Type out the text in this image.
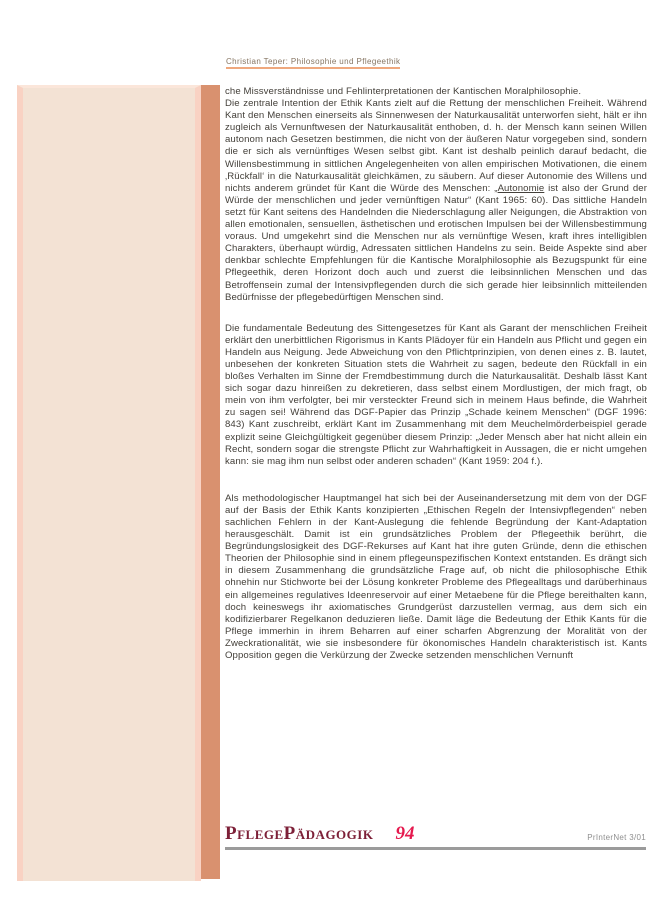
Christian Teper: Philosophie und Pflegeethik

che Missverständnisse und Fehlinterpretationen der Kantischen Moralphilosophie.

Die zentrale Intention der Ethik Kants zielt auf die Rettung der menschlichen Freiheit. Während Kant den Menschen einerseits als Sinnenwesen der Naturkausalität unterworfen sieht, hält er ihn zugleich als Vernunftwesen der Naturkausalität enthoben, d. h. der Mensch kann seinen Willen autonom nach Gesetzen bestimmen, die nicht von der äußeren Natur vorgegeben sind, sondern die er sich als vernünftiges Wesen selbst gibt. Kant ist deshalb peinlich darauf bedacht, die Willensbestimmung in sittlichen Angelegenheiten von allen empirischen Motivationen, die einem ‚Rückfall‘ in die Naturkausalität gleichkämen, zu säubern. Auf dieser Autonomie des Willens und nichts anderem gründet für Kant die Würde des Menschen: „Autonomie ist also der Grund der Würde der menschlichen und jeder vernünftigen Natur“ (Kant 1965: 60). Das sittliche Handeln setzt für Kant seitens des Handelnden die Niederschlagung aller Neigungen, die Abstraktion von allen emotionalen, sensuellen, ästhetischen und erotischen Impulsen bei der Willensbestimmung voraus. Und umgekehrt sind die Menschen nur als vernünftige Wesen, kraft ihres intelligiblen Charakters, überhaupt würdig, Adressaten sittlichen Handelns zu sein. Beide Aspekte sind aber denkbar schlechte Empfehlungen für die Kantische Moralphilosophie als Bezugspunkt für eine Pflegeethik, deren Horizont doch auch und zuerst die leibsinnlichen Menschen und das Betroffensein zumal der Intensivpflegenden durch die sich gerade hier leibsinnlich mitteilenden Bedürfnisse der pflegebedürftigen Menschen sind.

Die fundamentale Bedeutung des Sittengesetzes für Kant als Garant der menschlichen Freiheit erklärt den unerbittlichen Rigorismus in Kants Plädoyer für ein Handeln aus Pflicht und gegen ein Handeln aus Neigung. Jede Abweichung von den Pflichtprinzipien, von denen eines z. B. lautet, unbesehen der konkreten Situation stets die Wahrheit zu sagen, bedeute den Rückfall in ein bloßes Verhalten im Sinne der Fremdbestimmung durch die Naturkausalität. Deshalb lässt Kant sich sogar dazu hinreißen zu dekretieren, dass selbst einem Mordlustigen, der mich fragt, ob mein von ihm verfolgter, bei mir versteckter Freund sich in meinem Haus befinde, die Wahrheit zu sagen sei! Während das DGF-Papier das Prinzip „Schade keinem Menschen“ (DGF 1996: 843) Kant zuschreibt, erklärt Kant im Zusammenhang mit dem Meuchelmörderbeispiel gerade explizit seine Gleichgültigkeit gegenüber diesem Prinzip: „Jeder Mensch aber hat nicht allein ein Recht, sondern sogar die strengste Pflicht zur Wahrhaftigkeit in Aussagen, die er nicht umgehen kann: sie mag ihm nun selbst oder anderen schaden“ (Kant 1959: 204 f.).

Als methodologischer Hauptmangel hat sich bei der Auseinandersetzung mit dem von der DGF auf der Basis der Ethik Kants konzipierten „Ethischen Regeln der Intensivpflegenden“ neben sachlichen Fehlern in der Kant-Auslegung die fehlende Begründung der Kant-Adaptation herausgeschält. Damit ist ein grundsätzliches Problem der Pflegeethik berührt, die Begründungslosigkeit des DGF-Rekurses auf Kant hat ihre guten Gründe, denn die ethischen Theorien der Philosophie sind in einem pflegeunspezifischen Kontext entstanden. Es drängt sich in diesem Zusammenhang die grundsätzliche Frage auf, ob nicht die philosophische Ethik ohnehin nur Stichworte bei der Lösung konkreter Probleme des Pflegealltags und darüberhinaus ein allgemeines regulatives Ideenreservoir auf einer Metaebene für die Pflege bereithalten kann, doch keineswegs ihr axiomatisches Grundgerüst darzustellen vermag, aus dem sich ein kodifizierbarer Regelkanon deduzieren ließe. Damit läge die Bedeutung der Ethik Kants für die Pflege immerhin in ihrem Beharren auf einer scharfen Abgrenzung der Moralität von der Zweckrationalität, wie sie insbesondere für ökonomisches Handeln charakteristisch ist. Kants Opposition gegen die Verkürzung der Zwecke setzenden menschlichen Vernunft

PflegePädagogik 94	PrInterNet 3/01
